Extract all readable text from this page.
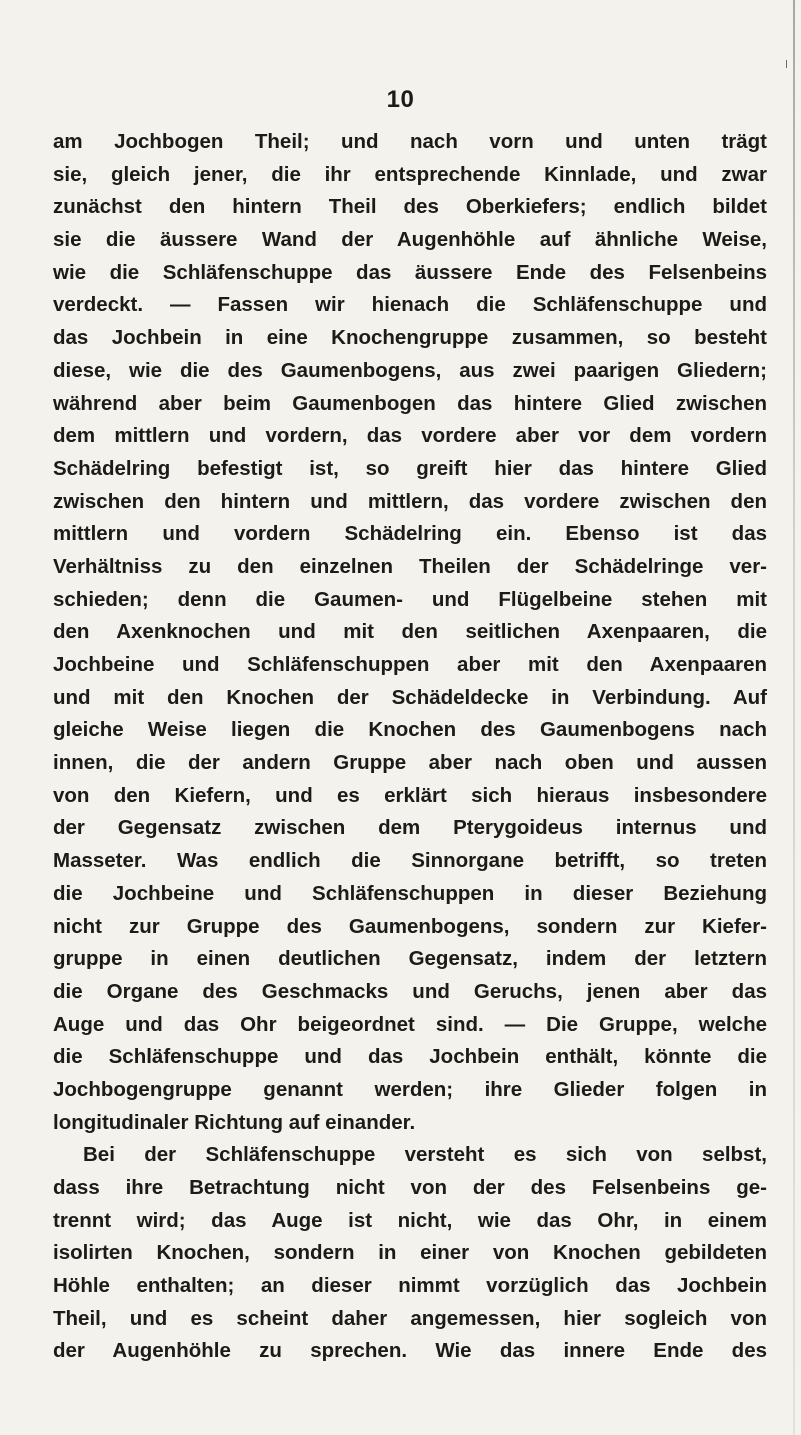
10
am Jochbogen Theil; und nach vorn und unten trägt
sie, gleich jener, die ihr entsprechende Kinnlade, und zwar
zunächst den hintern Theil des Oberkiefers; endlich bildet
sie die äussere Wand der Augenhöhle auf ähnliche Weise,
wie die Schläfenschuppe das äussere Ende des Felsenbeins
verdeckt. — Fassen wir hienach die Schläfenschuppe und
das Jochbein in eine Knochengruppe zusammen, so besteht
diese, wie die des Gaumenbogens, aus zwei paarigen Gliedern;
während aber beim Gaumenbogen das hintere Glied zwischen
dem mittlern und vordern, das vordere aber vor dem vordern
Schädelring befestigt ist, so greift hier das hintere Glied
zwischen den hintern und mittlern, das vordere zwischen den
mittlern und vordern Schädelring ein. Ebenso ist das
Verhältniss zu den einzelnen Theilen der Schädelringe ver-
schieden; denn die Gaumen- und Flügelbeine stehen mit
den Axenknochen und mit den seitlichen Axenpaaren, die
Jochbeine und Schläfenschuppen aber mit den Axenpaaren
und mit den Knochen der Schädeldecke in Verbindung. Auf
gleiche Weise liegen die Knochen des Gaumenbogens nach
innen, die der andern Gruppe aber nach oben und aussen
von den Kiefern, und es erklärt sich hieraus insbesondere
der Gegensatz zwischen dem Pterygoideus internus und
Masseter. Was endlich die Sinnorgane betrifft, so treten
die Jochbeine und Schläfenschuppen in dieser Beziehung
nicht zur Gruppe des Gaumenbogens, sondern zur Kiefer-
gruppe in einen deutlichen Gegensatz, indem der letztern
die Organe des Geschmacks und Geruchs, jenen aber das
Auge und das Ohr beigeordnet sind. — Die Gruppe, welche
die Schläfenschuppe und das Jochbein enthält, könnte die
Jochbogengruppe genannt werden; ihre Glieder folgen in
longitudinaler Richtung auf einander.
Bei der Schläfenschuppe versteht es sich von selbst,
dass ihre Betrachtung nicht von der des Felsenbeins ge-
trennt wird; das Auge ist nicht, wie das Ohr, in einem
isolirten Knochen, sondern in einer von Knochen gebildeten
Höhle enthalten; an dieser nimmt vorzüglich das Jochbein
Theil, und es scheint daher angemessen, hier sogleich von
der Augenhöhle zu sprechen. Wie das innere Ende des
